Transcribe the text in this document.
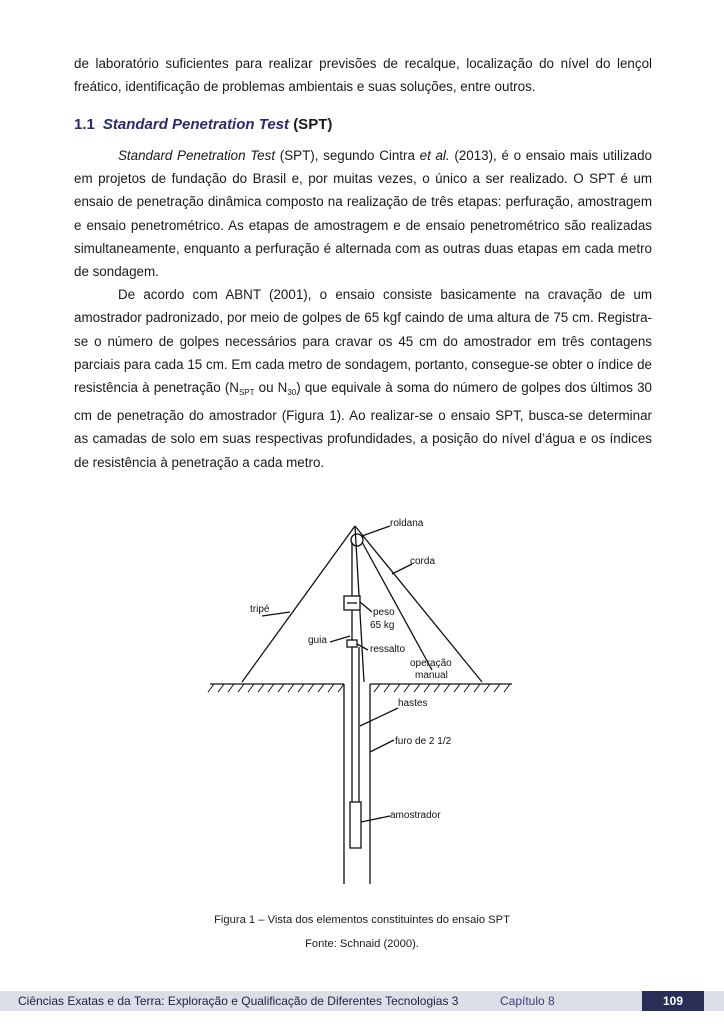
de laboratório suficientes para realizar previsões de recalque, localização do nível do lençol freático, identificação de problemas ambientais e suas soluções, entre outros.

1.1 Standard Penetration Test (SPT)

Standard Penetration Test (SPT), segundo Cintra et al. (2013), é o ensaio mais utilizado em projetos de fundação do Brasil e, por muitas vezes, o único a ser realizado. O SPT é um ensaio de penetração dinâmica composto na realização de três etapas: perfuração, amostragem e ensaio penetrométrico. As etapas de amostragem e de ensaio penetrométrico são realizadas simultaneamente, enquanto a perfuração é alternada com as outras duas etapas em cada metro de sondagem.

De acordo com ABNT (2001), o ensaio consiste basicamente na cravação de um amostrador padronizado, por meio de golpes de 65 kgf caindo de uma altura de 75 cm. Registra-se o número de golpes necessários para cravar os 45 cm do amostrador em três contagens parciais para cada 15 cm. Em cada metro de sondagem, portanto, consegue-se obter o índice de resistência à penetração ($N_{SPT}$ ou $N_{30}$) que equivale à soma do número de golpes dos últimos 30 cm de penetração do amostrador (Figura 1). Ao realizar-se o ensaio SPT, busca-se determinar as camadas de solo em suas respectivas profundidades, a posição do nível d’água e os índices de resistência à penetração a cada metro.

roldana
corda
tripé	peso
65 kg
guia
ressalto
operação
manual
hastes
furo de 2 1/2
amostrador
Figura 1 – Vista dos elementos constituintes do ensaio SPT
Fonte: Schnaid (2000).
Ciências Exatas e da Terra: Exploração e Qualificação de Diferentes Tecnologias 3	Capítulo 8	109
